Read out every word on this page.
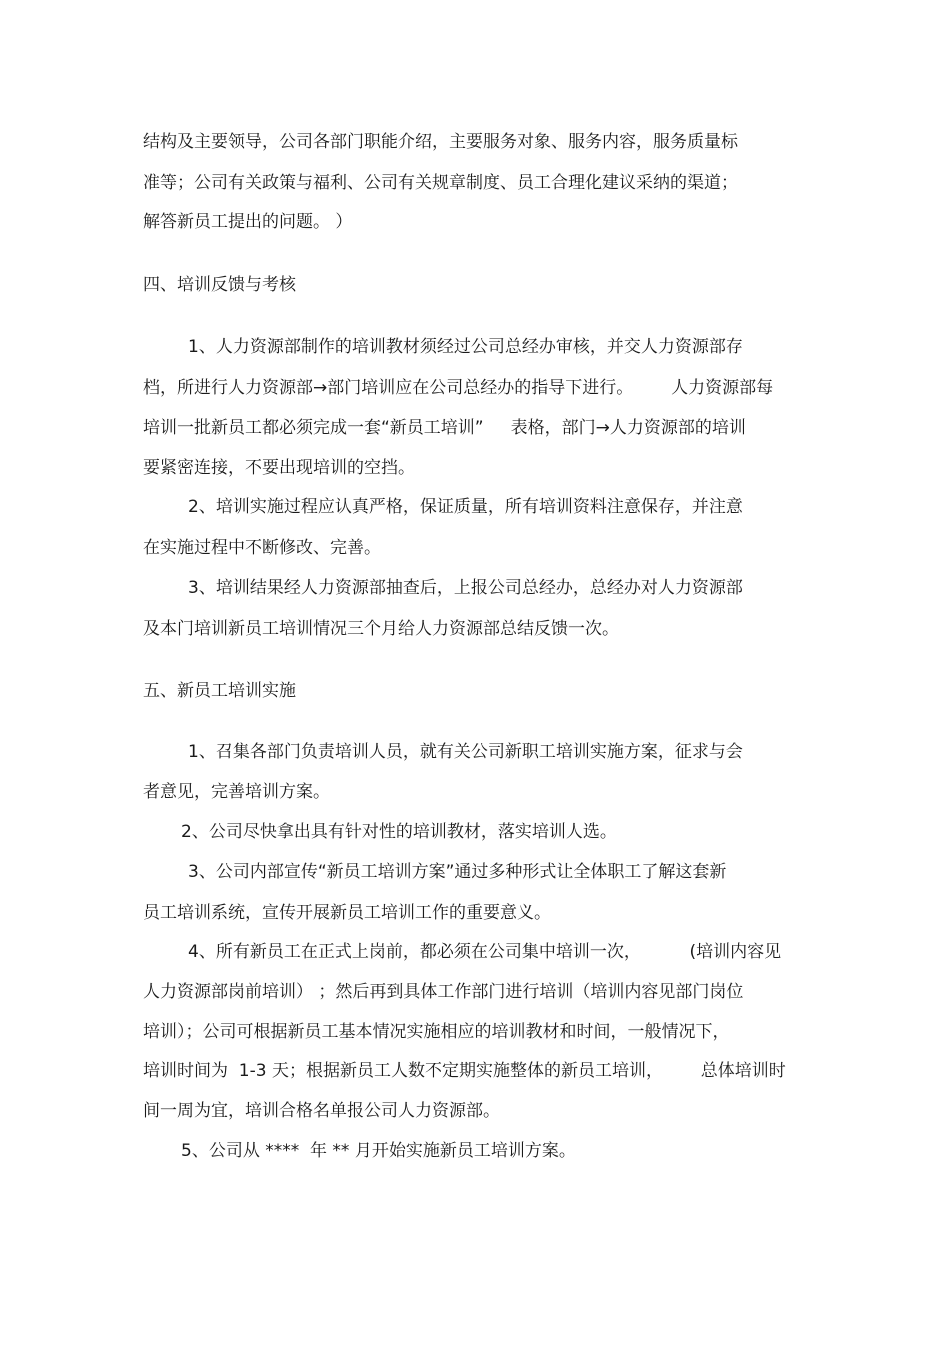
结构及主要领导，公司各部门职能介绍，主要服务对象、服务内容，服务质量标
准等；公司有关政策与福利、公司有关规章制度、员工合理化建议采纳的渠道；
解答新员工提出的问题。 ）
四、培训反馈与考核
1、人力资源部制作的培训教材须经过公司总经办审核，并交人力资源部存
档，所进行人力资源部→部门培训应在公司总经办的指导下进行。       人力资源部每
培训一批新员工都必须完成一套“新员工培训”     表格，部门→人力资源部的培训
要紧密连接，不要出现培训的空挡。
2、培训实施过程应认真严格，保证质量，所有培训资料注意保存，并注意
在实施过程中不断修改、完善。
3、培训结果经人力资源部抽查后，上报公司总经办，总经办对人力资源部
及本门培训新员工培训情况三个月给人力资源部总结反馈一次。
五、新员工培训实施
1、召集各部门负责培训人员，就有关公司新职工培训实施方案，征求与会
者意见，完善培训方案。
2、公司尽快拿出具有针对性的培训教材，落实培训人选。
3、公司内部宣传“新员工培训方案”通过多种形式让全体职工了解这套新
员工培训系统，宣传开展新员工培训工作的重要意义。
4、所有新员工在正式上岗前，都必须在公司集中培训一次，         (培训内容见
人力资源部岗前培训） ；然后再到具体工作部门进行培训（培训内容见部门岗位
培训）；公司可根据新员工基本情况实施相应的培训教材和时间，一般情况下，
培训时间为  1-3 天；根据新员工人数不定期实施整体的新员工培训，       总体培训时
间一周为宜，培训合格名单报公司人力资源部。
5、公司从 ****  年 ** 月开始实施新员工培训方案。
